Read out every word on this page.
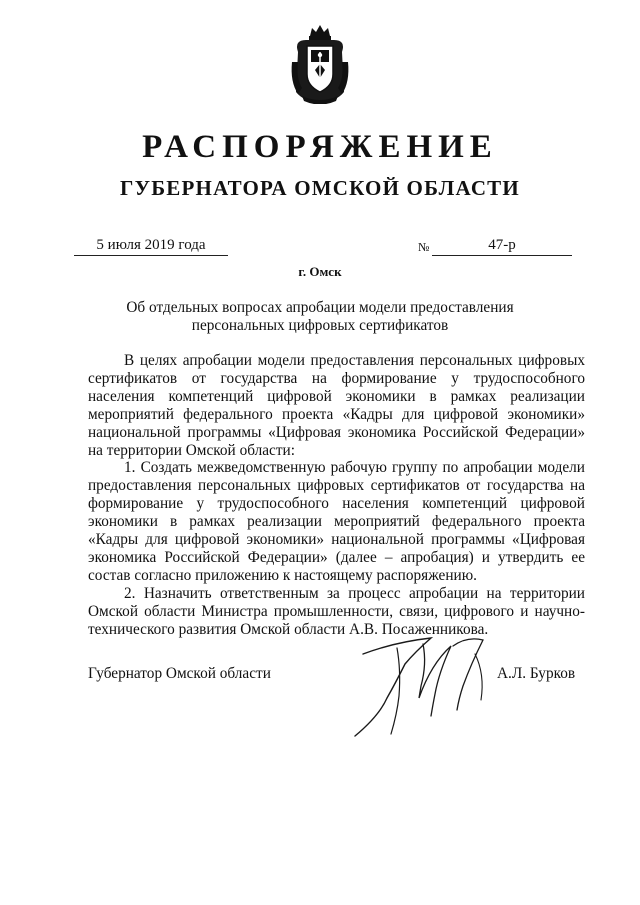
РАСПОРЯЖЕНИЕ
ГУБЕРНАТОРА ОМСКОЙ ОБЛАСТИ
5 июля 2019 года	№	47-р
г. Омск
Об отдельных вопросах апробации модели предоставления
персональных цифровых сертификатов

В целях апробации модели предоставления персональных цифровых сертификатов от государства на формирование у трудоспособного населения компетенций цифровой экономики в рамках реализации мероприятий федерального проекта «Кадры для цифровой экономики» национальной программы «Цифровая экономика Российской Федерации» на территории Омской области:

1. Создать межведомственную рабочую группу по апробации модели предоставления персональных цифровых сертификатов от государства на формирование у трудоспособного населения компетенций цифровой экономики в рамках реализации мероприятий федерального проекта «Кадры для цифровой экономики» национальной программы «Цифровая экономика Российской Федерации» (далее – апробация) и утвердить ее состав согласно приложению к настоящему распоряжению.

2. Назначить ответственным за процесс апробации на территории Омской области Министра промышленности, связи, цифрового и научно-технического развития Омской области А.В. Посаженникова.

Губернатор Омской области	А.Л. Бурков
